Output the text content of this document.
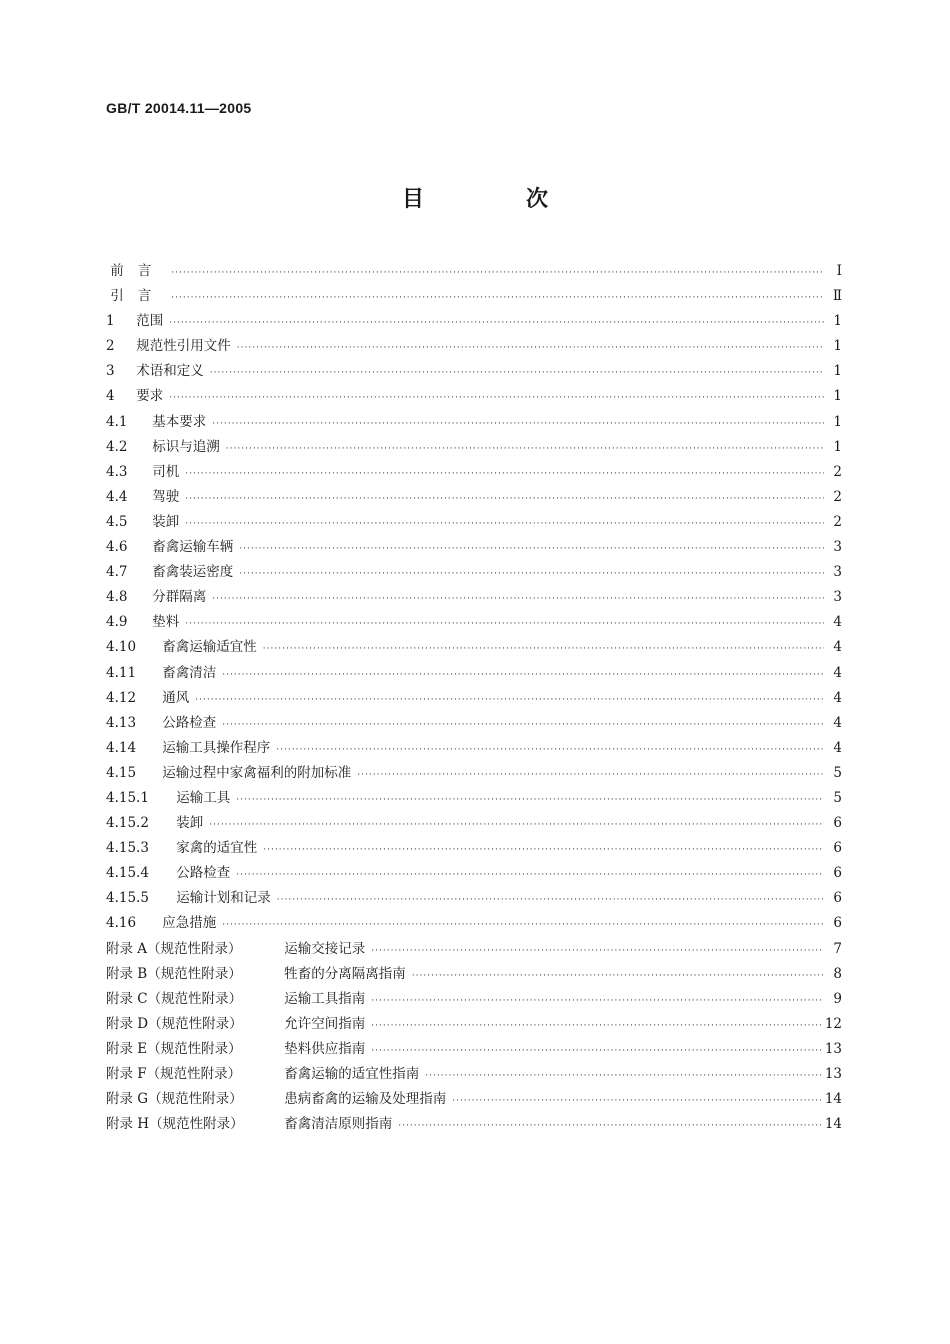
GB/T 20014.11—2005
目　次
前言 ·····	Ⅰ
引言 ·····	Ⅱ
1 范围 ·····	1
2 规范性引用文件 ·····	1
3 术语和定义 ·····	1
4 要求 ·····	1
4.1 基本要求 ·····	1
4.2 标识与追溯 ·····	1
4.3 司机 ·····	2
4.4 驾驶 ·····	2
4.5 装卸 ·····	2
4.6 畜禽运输车辆 ·····	3
4.7 畜禽装运密度 ·····	3
4.8 分群隔离 ·····	3
4.9 垫料 ·····	4
4.10 畜禽运输适宜性 ·····	4
4.11 畜禽清洁 ·····	4
4.12 通风 ·····	4
4.13 公路检查 ·····	4
4.14 运输工具操作程序 ·····	4
4.15 运输过程中家禽福利的附加标准 ·····	5
4.15.1 运输工具 ·····	5
4.15.2 装卸 ·····	6
4.15.3 家禽的适宜性 ·····	6
4.15.4 公路检查 ·····	6
4.15.5 运输计划和记录 ·····	6
4.16 应急措施 ·····	6
附录 A（规范性附录）	运输交接记录 ·····	7
附录 B（规范性附录）	牲畜的分离隔离指南 ·····	8
附录 C（规范性附录）	运输工具指南 ·····	9
附录 D（规范性附录）	允许空间指南 ·····	12
附录 E（规范性附录）	垫料供应指南 ·····	13
附录 F（规范性附录）	畜禽运输的适宜性指南 ·····	13
附录 G（规范性附录）	患病畜禽的运输及处理指南 ·····	14
附录 H（规范性附录）	畜禽清洁原则指南 ·····	14
